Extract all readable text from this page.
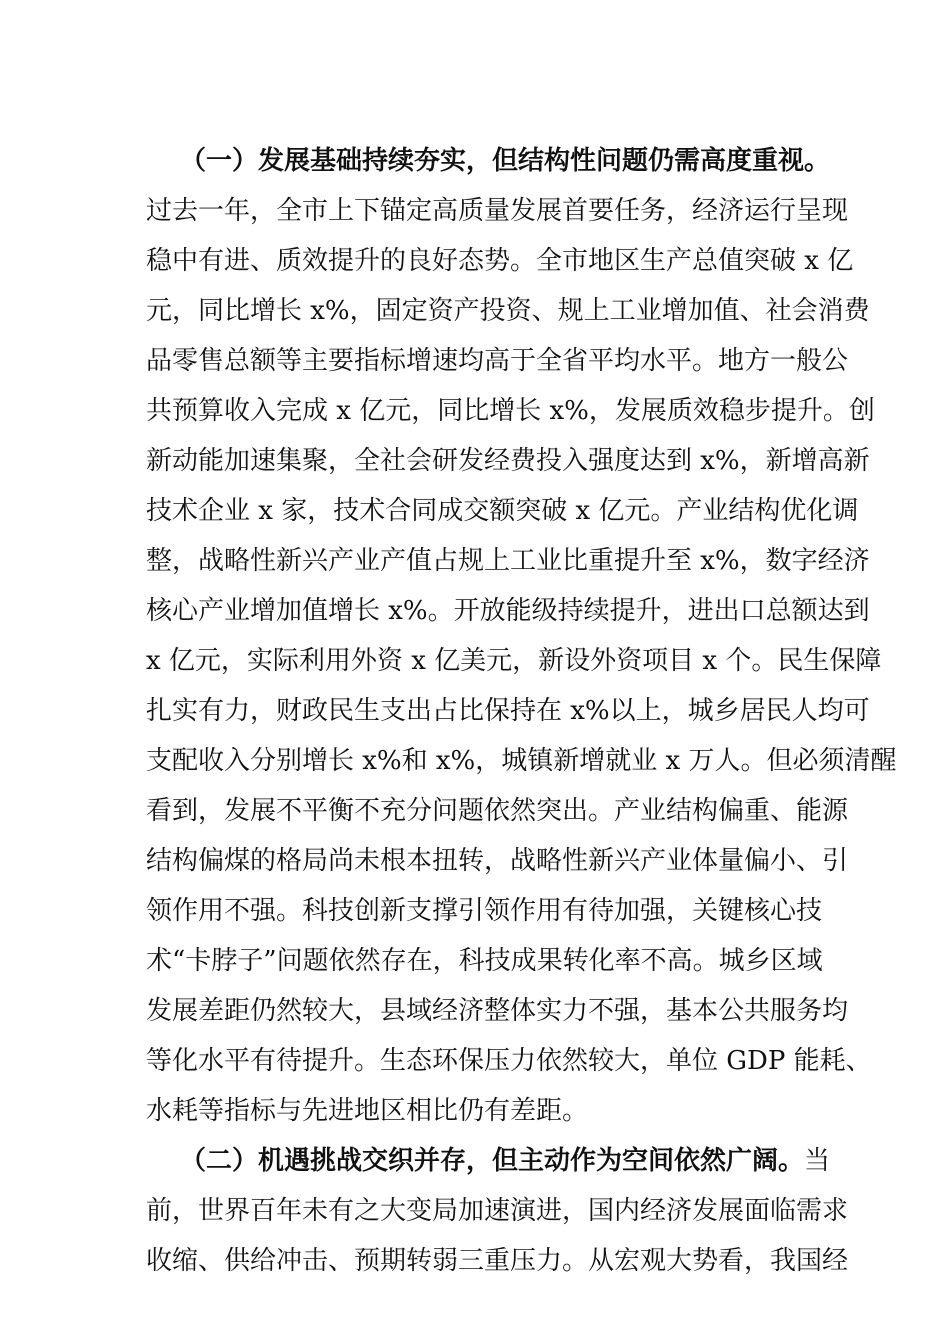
（一）发展基础持续夯实，但结构性问题仍需高度重视。
过去一年，全市上下锚定高质量发展首要任务，经济运行呈现
稳中有进、质效提升的良好态势。全市地区生产总值突破 x 亿
元，同比增长 x%，固定资产投资、规上工业增加值、社会消费
品零售总额等主要指标增速均高于全省平均水平。地方一般公
共预算收入完成 x 亿元，同比增长 x%，发展质效稳步提升。创
新动能加速集聚，全社会研发经费投入强度达到 x%，新增高新
技术企业 x 家，技术合同成交额突破 x 亿元。产业结构优化调
整，战略性新兴产业产值占规上工业比重提升至 x%，数字经济
核心产业增加值增长 x%。开放能级持续提升，进出口总额达到
x 亿元，实际利用外资 x 亿美元，新设外资项目 x 个。民生保障
扎实有力，财政民生支出占比保持在 x%以上，城乡居民人均可
支配收入分别增长 x%和 x%，城镇新增就业 x 万人。但必须清醒
看到，发展不平衡不充分问题依然突出。产业结构偏重、能源
结构偏煤的格局尚未根本扭转，战略性新兴产业体量偏小、引
领作用不强。科技创新支撑引领作用有待加强，关键核心技
术“卡脖子”问题依然存在，科技成果转化率不高。城乡区域
发展差距仍然较大，县域经济整体实力不强，基本公共服务均
等化水平有待提升。生态环保压力依然较大，单位 GDP 能耗、
水耗等指标与先进地区相比仍有差距。
（二）机遇挑战交织并存，但主动作为空间依然广阔。当
前，世界百年未有之大变局加速演进，国内经济发展面临需求
收缩、供给冲击、预期转弱三重压力。从宏观大势看，我国经
